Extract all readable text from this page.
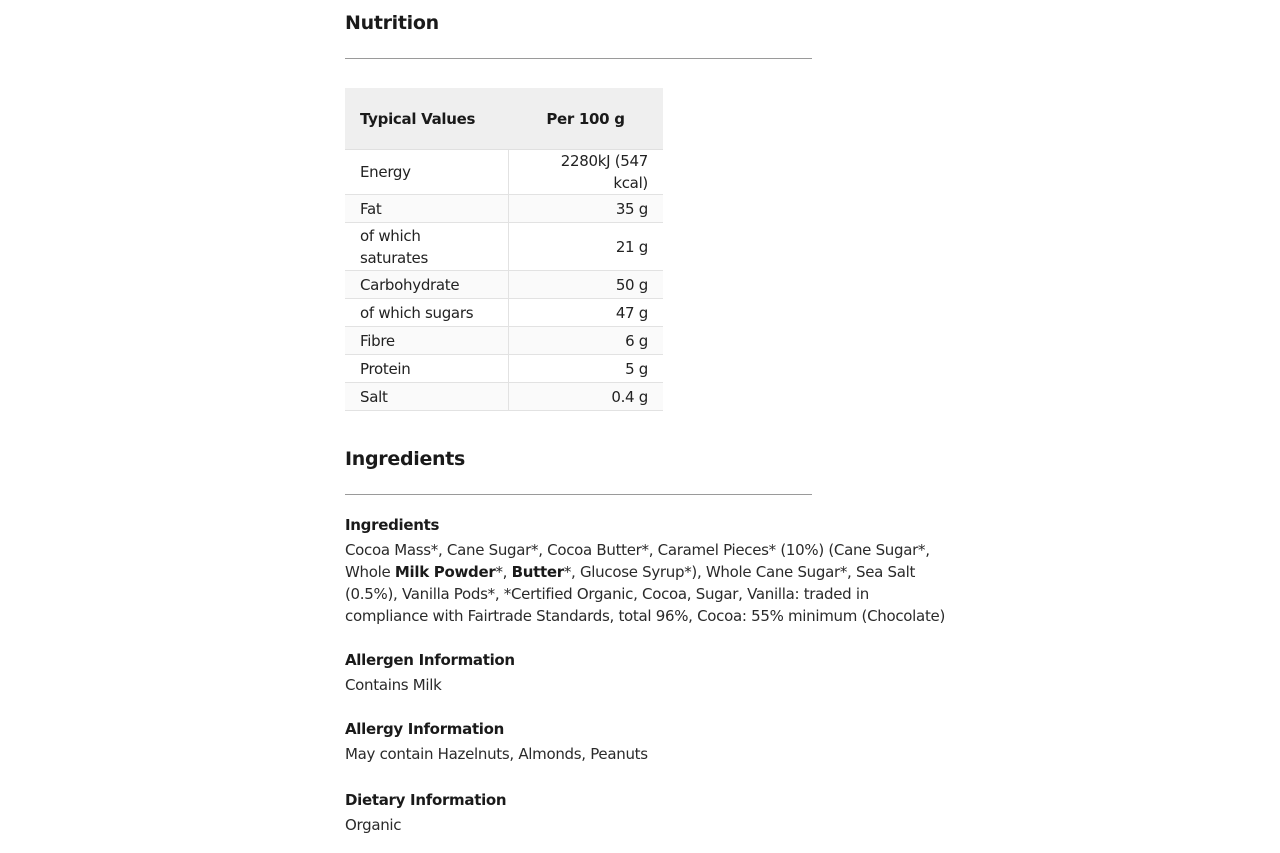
Nutrition
Typical Values	Per 100 g
Energy	2280kJ (547 kcal)
Fat	35 g
of which saturates	21 g
Carbohydrate	50 g
of which sugars	47 g
Fibre	6 g
Protein	5 g
Salt	0.4 g
Ingredients
Ingredients

Cocoa Mass*, Cane Sugar*, Cocoa Butter*, Caramel Pieces* (10%) (Cane Sugar*, Whole Milk Powder*, Butter*, Glucose Syrup*), Whole Cane Sugar*, Sea Salt (0.5%), Vanilla Pods*, *Certified Organic, Cocoa, Sugar, Vanilla: traded in compliance with Fairtrade Standards, total 96%, Cocoa: 55% minimum (Chocolate)

Allergen Information

Contains Milk

Allergy Information

May contain Hazelnuts, Almonds, Peanuts

Dietary Information

Organic
